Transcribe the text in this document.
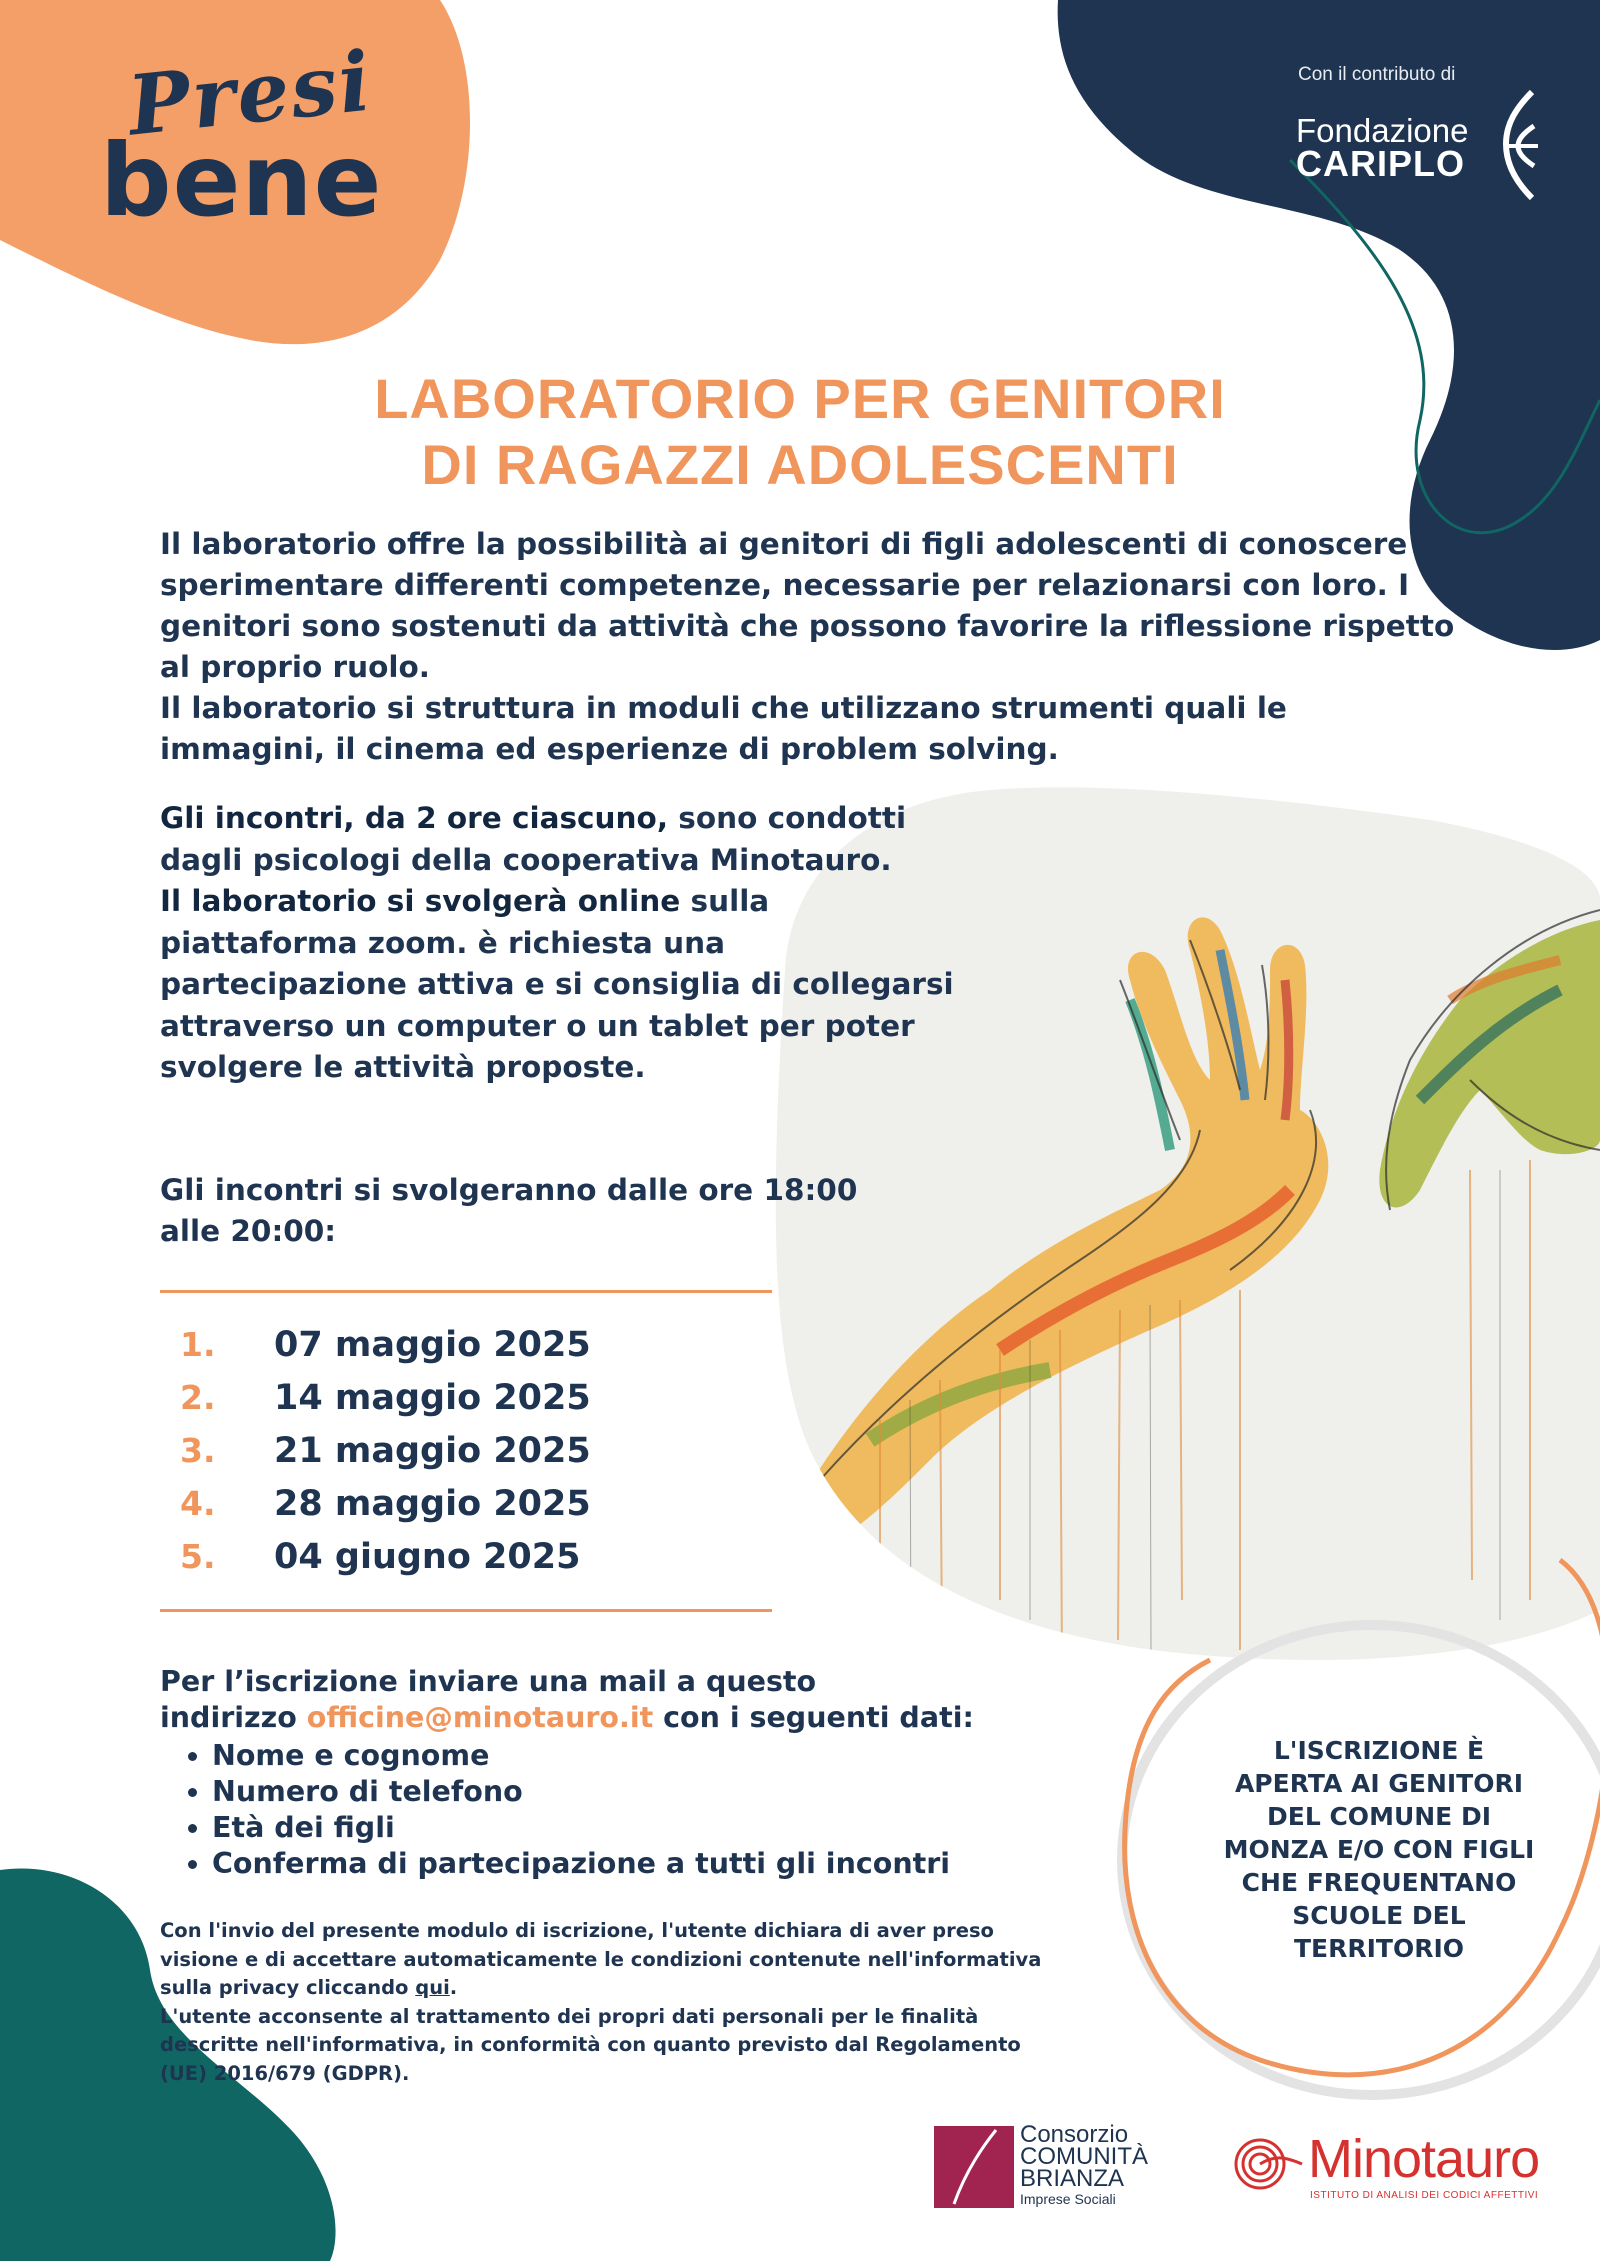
Presi
bene
Con il contributo di
Fondazione
CARIPLO
LABORATORIO PER GENITORI
DI RAGAZZI ADOLESCENTI

Il laboratorio offre la possibilità ai genitori di figli adolescenti di conoscere e sperimentare differenti competenze, necessarie per relazionarsi con loro. I genitori sono sostenuti da attività che possono favorire la riflessione rispetto al proprio ruolo.

Il laboratorio si struttura in moduli che utilizzano strumenti quali le immagini, il cinema ed esperienze di problem solving.

Gli incontri, da 2 ore ciascuno, sono condotti dagli psicologi della cooperativa Minotauro.

Il laboratorio si svolgerà online sulla piattaforma zoom. è richiesta una partecipazione attiva e si consiglia di collegarsi attraverso un computer o un tablet per poter svolgere le attività proposte.

Gli incontri si svolgeranno dalle ore 18:00 alle 20:00:
1.	07 maggio 2025
2.	14 maggio 2025
3.	21 maggio 2025
4.	28 maggio 2025
5.	04 giugno 2025

Per l’iscrizione inviare una mail a questo

indirizzo officine@minotauro.it con i seguenti dati:

• Nome e cognome
• Numero di telefono
• Età dei figli
• Conferma di partecipazione a tutti gli incontri

Con l'invio del presente modulo di iscrizione, l'utente dichiara di aver preso visione e di accettare automaticamente le condizioni contenute nell'informativa sulla privacy cliccando qui.

L'utente acconsente al trattamento dei propri dati personali per le finalità descritte nell'informativa, in conformità con quanto previsto dal Regolamento (UE) 2016/679 (GDPR).

L'ISCRIZIONE È
APERTA AI GENITORI
DEL COMUNE DI
MONZA E/O CON FIGLI
CHE FREQUENTANO
SCUOLE DEL
TERRITORIO
Consorzio
COMUNITÀ
BRIANZA
Imprese Sociali
Minotauro
ISTITUTO DI ANALISI DEI CODICI AFFETTIVI
